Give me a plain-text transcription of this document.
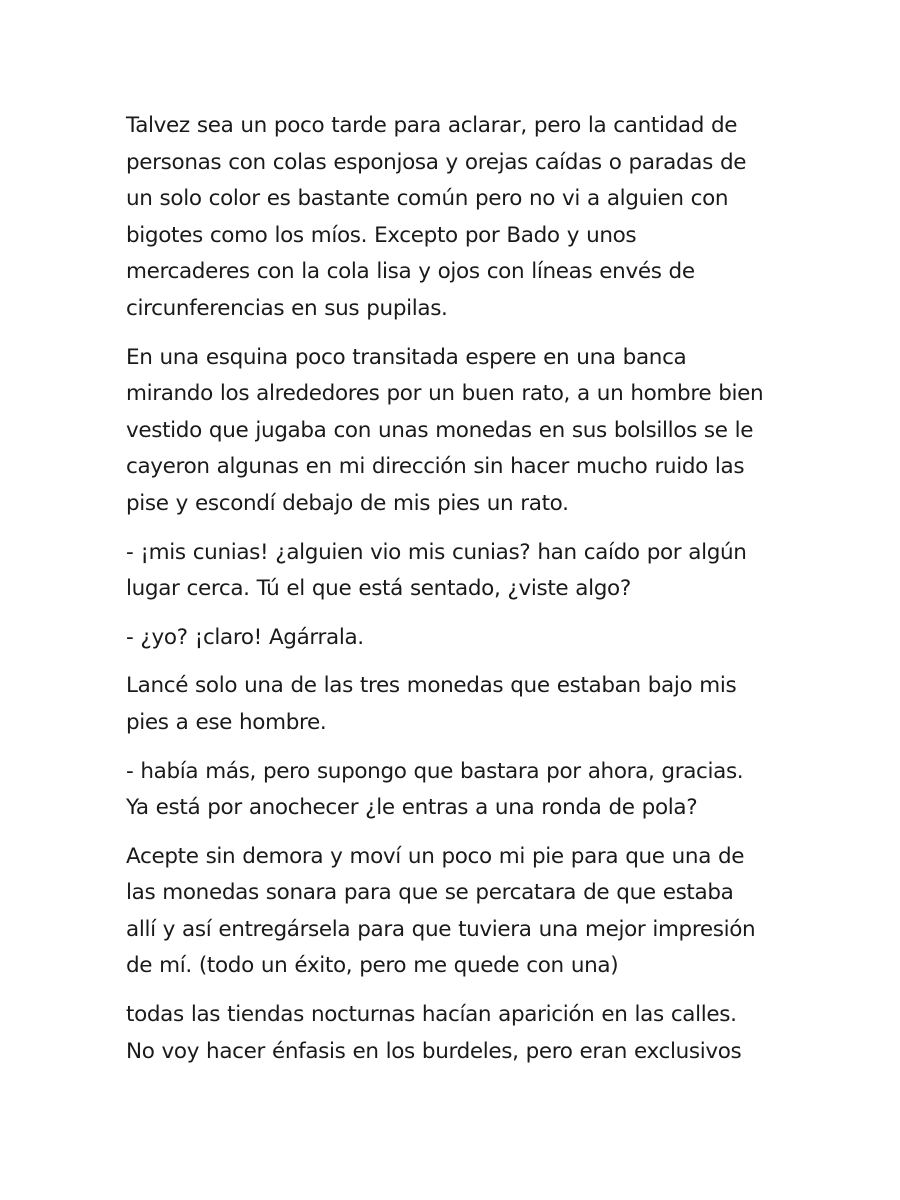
Talvez sea un poco tarde para aclarar, pero la cantidad de
personas con colas esponjosa y orejas caídas o paradas de
un solo color es bastante común pero no vi a alguien con
bigotes como los míos. Excepto por Bado y unos
mercaderes con la cola lisa y ojos con líneas envés de
circunferencias en sus pupilas.

En una esquina poco transitada espere en una banca
mirando los alrededores por un buen rato, a un hombre bien
vestido que jugaba con unas monedas en sus bolsillos se le
cayeron algunas en mi dirección sin hacer mucho ruido las
pise y escondí debajo de mis pies un rato.

- ¡mis cunias! ¿alguien vio mis cunias? han caído por algún
lugar cerca. Tú el que está sentado, ¿viste algo?

- ¿yo? ¡claro! Agárrala.

Lancé solo una de las tres monedas que estaban bajo mis
pies a ese hombre.

- había más, pero supongo que bastara por ahora, gracias.
Ya está por anochecer ¿le entras a una ronda de pola?

Acepte sin demora y moví un poco mi pie para que una de
las monedas sonara para que se percatara de que estaba
allí y así entregársela para que tuviera una mejor impresión
de mí. (todo un éxito, pero me quede con una)

todas las tiendas nocturnas hacían aparición en las calles.
No voy hacer énfasis en los burdeles, pero eran exclusivos
